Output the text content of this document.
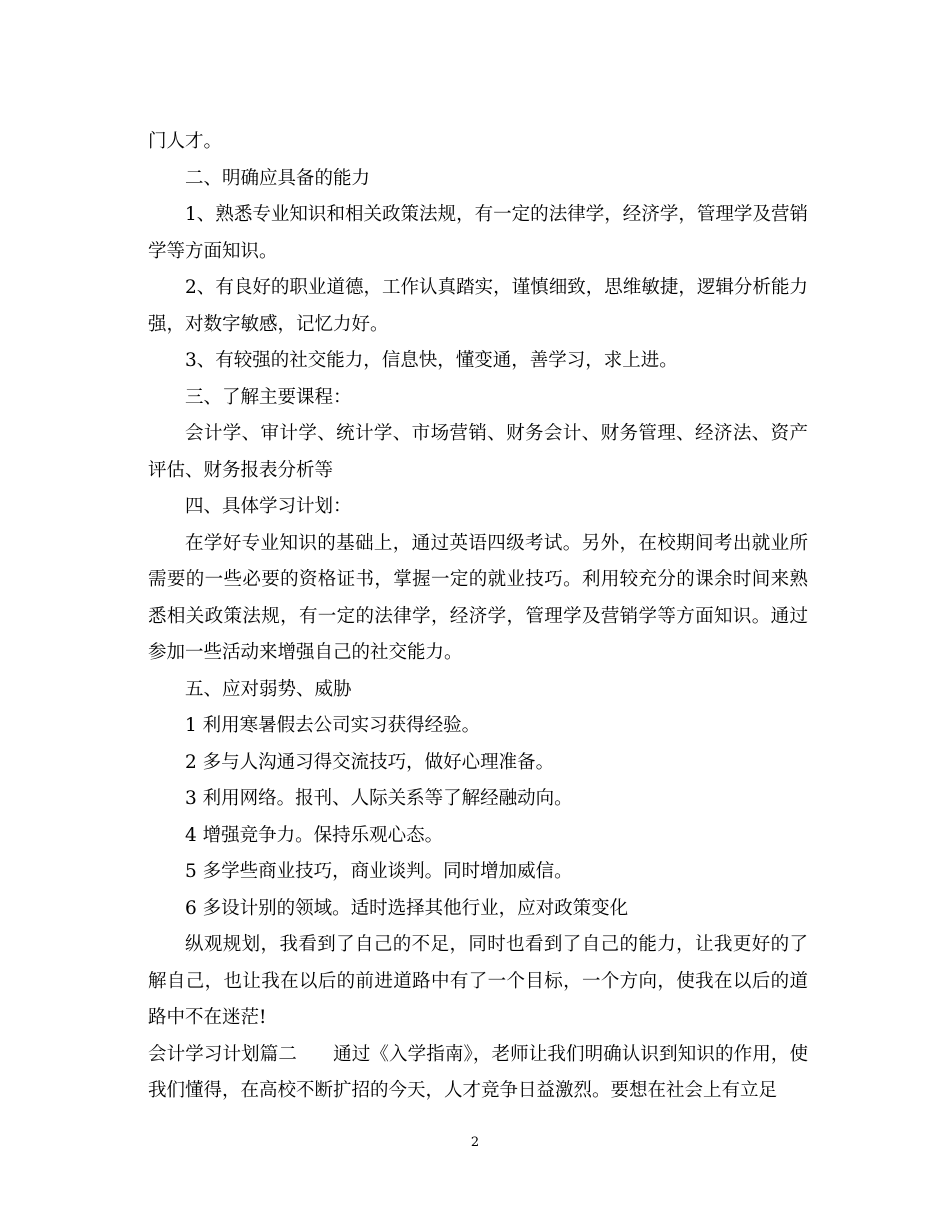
门人才。

二、明确应具备的能力

1、熟悉专业知识和相关政策法规，有一定的法律学，经济学，管理学及营销学等方面知识。

2、有良好的职业道德，工作认真踏实，谨慎细致，思维敏捷，逻辑分析能力强，对数字敏感，记忆力好。

3、有较强的社交能力，信息快，懂变通，善学习，求上进。

三、了解主要课程：

会计学、审计学、统计学、市场营销、财务会计、财务管理、经济法、资产评估、财务报表分析等

四、具体学习计划：

在学好专业知识的基础上，通过英语四级考试。另外，在校期间考出就业所需要的一些必要的资格证书，掌握一定的就业技巧。利用较充分的课余时间来熟悉相关政策法规，有一定的法律学，经济学，管理学及营销学等方面知识。通过参加一些活动来增强自己的社交能力。

五、应对弱势、威胁

1 利用寒暑假去公司实习获得经验。

2 多与人沟通习得交流技巧，做好心理准备。

3 利用网络。报刊、人际关系等了解经融动向。

4 增强竞争力。保持乐观心态。

5 多学些商业技巧，商业谈判。同时增加威信。

6 多设计别的领域。适时选择其他行业，应对政策变化

纵观规划，我看到了自己的不足，同时也看到了自己的能力，让我更好的了解自己，也让我在以后的前进道路中有了一个目标，一个方向，使我在以后的道路中不在迷茫!

会计学习计划篇二 通过《入学指南》，老师让我们明确认识到知识的作用，使我们懂得，在高校不断扩招的今天，人才竞争日益激烈。要想在社会上有立足

2
